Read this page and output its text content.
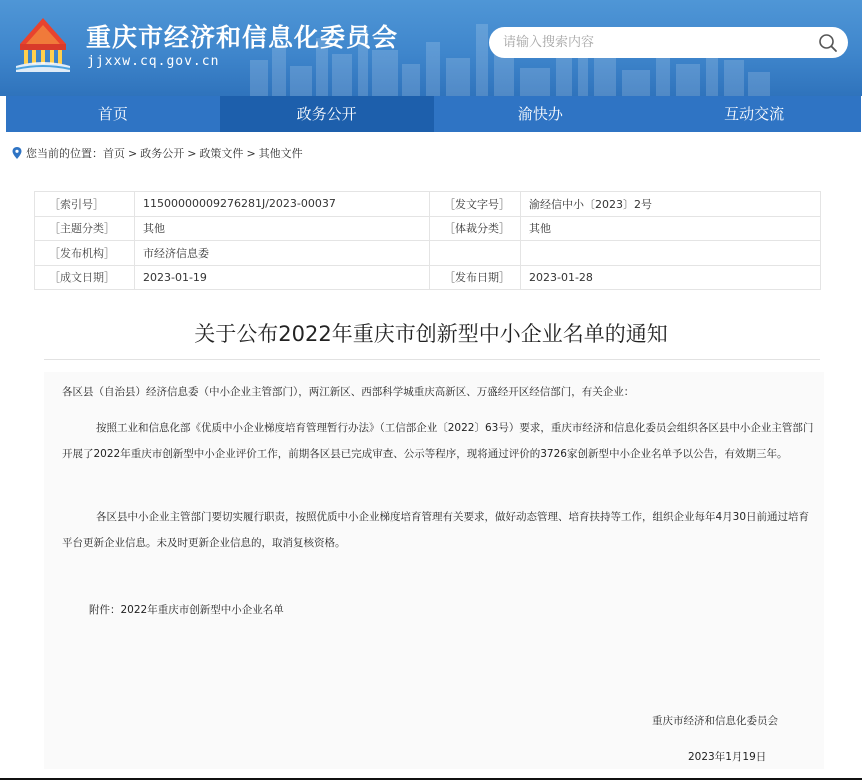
重庆市经济和信息化委员会
jjxxw.cq.gov.cn
请输入搜索内容
首页	政务公开	渝快办	互动交流
您当前的位置： 首页 > 政务公开 > 政策文件 > 其他文件
［索引号］	11500000009276281J/2023-00037	［发文字号］	渝经信中小〔2023〕2号
［主题分类］	其他	［体裁分类］	其他
［发布机构］	市经济信息委		
［成文日期］	2023-01-19	［发布日期］	2023-01-28
关于公布2022年重庆市创新型中小企业名单的通知
各区县（自治县）经济信息委（中小企业主管部门），两江新区、西部科学城重庆高新区、万盛经开区经信部门，有关企业：
按照工业和信息化部《优质中小企业梯度培育管理暂行办法》（工信部企业〔2022〕63号）要求，重庆市经济和信息化委员会组织各区县中小企业主管部门开展了2022年重庆市创新型中小企业评价工作，前期各区县已完成审查、公示等程序，现将通过评价的3726家创新型中小企业名单予以公告，有效期三年。
各区县中小企业主管部门要切实履行职责，按照优质中小企业梯度培育管理有关要求，做好动态管理、培育扶持等工作，组织企业每年4月30日前通过培育平台更新企业信息。未及时更新企业信息的，取消复核资格。
附件：2022年重庆市创新型中小企业名单
重庆市经济和信息化委员会
2023年1月19日
